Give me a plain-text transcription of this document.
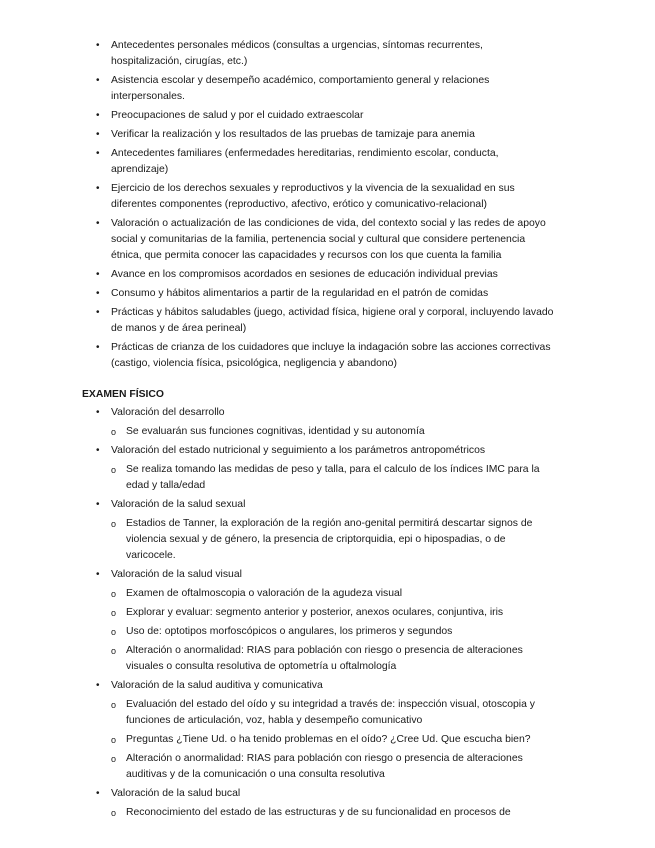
• Antecedentes personales médicos (consultas a urgencias, síntomas recurrentes, hospitalización, cirugías, etc.)
• Asistencia escolar y desempeño académico, comportamiento general y relaciones interpersonales.
• Preocupaciones de salud y por el cuidado extraescolar
• Verificar la realización y los resultados de las pruebas de tamizaje para anemia
• Antecedentes familiares (enfermedades hereditarias, rendimiento escolar, conducta, aprendizaje)
• Ejercicio de los derechos sexuales y reproductivos y la vivencia de la sexualidad en sus diferentes componentes (reproductivo, afectivo, erótico y comunicativo-relacional)
• Valoración o actualización de las condiciones de vida, del contexto social y las redes de apoyo social y comunitarias de la familia, pertenencia social y cultural que considere pertenencia étnica, que permita conocer las capacidades y recursos con los que cuenta la familia
• Avance en los compromisos acordados en sesiones de educación individual previas
• Consumo y hábitos alimentarios a partir de la regularidad en el patrón de comidas
• Prácticas y hábitos saludables (juego, actividad física, higiene oral y corporal, incluyendo lavado de manos y de área perineal)
• Prácticas de crianza de los cuidadores que incluye la indagación sobre las acciones correctivas (castigo, violencia física, psicológica, negligencia y abandono)
EXAMEN FÍSICO
• Valoración del desarrollo
o Se evaluarán sus funciones cognitivas, identidad y su autonomía
• Valoración del estado nutricional y seguimiento a los parámetros antropométricos
o Se realiza tomando las medidas de peso y talla, para el calculo de los índices IMC para la edad y talla/edad
• Valoración de la salud sexual
o Estadios de Tanner, la exploración de la región ano-genital permitirá descartar signos de violencia sexual y de género, la presencia de criptorquidia, epi o hipospadias, o de varicocele.
• Valoración de la salud visual
o Examen de oftalmoscopia o valoración de la agudeza visual
o Explorar y evaluar: segmento anterior y posterior, anexos oculares, conjuntiva, iris
o Uso de: optotipos morfoscópicos o angulares, los primeros y segundos
o Alteración o anormalidad: RIAS para población con riesgo o presencia de alteraciones visuales o consulta resolutiva de optometría u oftalmología
• Valoración de la salud auditiva y comunicativa
o Evaluación del estado del oído y su integridad a través de: inspección visual, otoscopia y funciones de articulación, voz, habla y desempeño comunicativo
o Preguntas ¿Tiene Ud. o ha tenido problemas en el oído? ¿Cree Ud. Que escucha bien?
o Alteración o anormalidad: RIAS para población con riesgo o presencia de alteraciones auditivas y de la comunicación o una consulta resolutiva
• Valoración de la salud bucal
o Reconocimiento del estado de las estructuras y de su funcionalidad en procesos de
